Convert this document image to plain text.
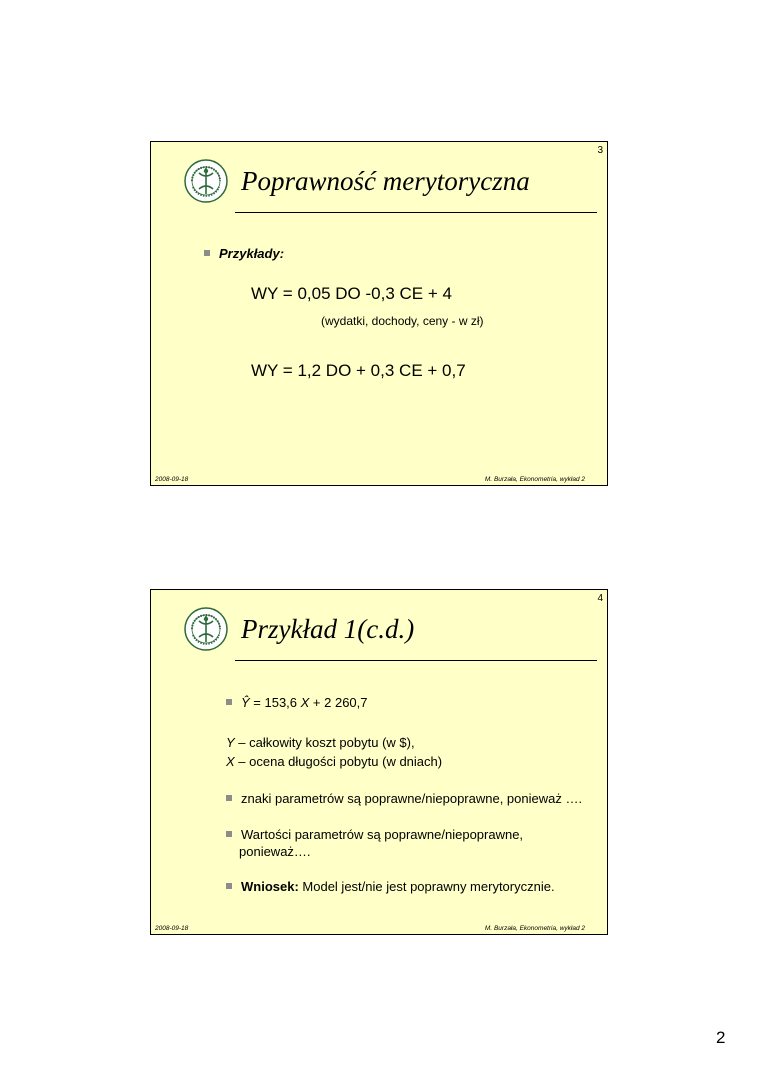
3
Poprawność merytoryczna
Przykłady:
WY = 0,05 DO -0,3 CE + 4
(wydatki, dochody, ceny - w zł)
WY = 1,2 DO + 0,3 CE + 0,7
2008-09-18	M. Burzała, Ekonometria, wykład 2
4
Przykład 1(c.d.)
Ŷ = 153,6 X + 2 260,7
Y – całkowity koszt pobytu (w $),
X – ocena długości pobytu (w dniach)
znaki parametrów są poprawne/niepoprawne, ponieważ ….
Wartości parametrów są poprawne/niepoprawne,
ponieważ….
Wniosek: Model jest/nie jest poprawny merytorycznie.
2008-09-18	M. Burzała, Ekonometria, wykład 2
2
